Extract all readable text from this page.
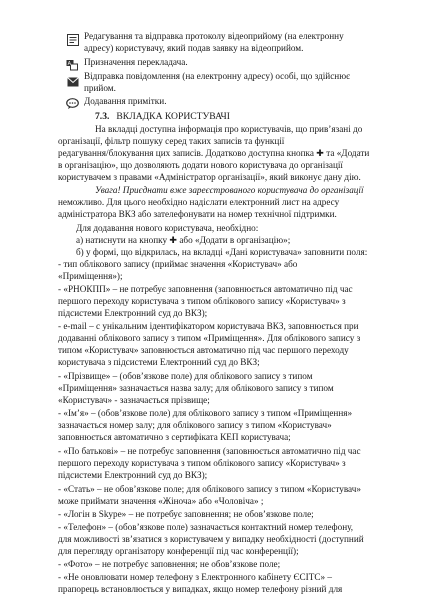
Редагування та відправка протоколу відеоприйому (на електронну
адресу) користувачу, який подав заявку на відеоприйом.
A Призначення перекладача.
Відправка повідомлення (на електронну адресу) особі, що здійснює
прийом.
Додавання примітки.
7.3. ВКЛАДКА КОРИСТУВАЧІ
На вкладці доступна інформація про користувачів, що прив’язані до
організації, фільтр пошуку серед таких записів та функції
редагування/блокування цих записів. Додатково доступна кнопка ✚ та «Додати
в організацію», що дозволяють додати нового користувача до організації
користувачем з правами «Адміністратор організації», який виконує дану дію.
Увага! Приєднати вже зареєстрованого користувача до організації
неможливо. Для цього необхідно надіслати електронний лист на адресу
адміністратора ВКЗ або зателефонувати на номер технічної підтримки.
Для додавання нового користувача, необхідно:
а) натиснути на кнопку ✚ або «Додати в організацію»;
б) у формі, що відкрилась, на вкладці «Дані користувача» заповнити поля:
- тип облікового запису (приймає значення «Користувач» або
«Приміщення»);
- «РНОКПП» – не потребує заповнення (заповнюється автоматично під час
першого переходу користувача з типом облікового запису «Користувач» з
підсистеми Електронний суд до ВКЗ);
- e-mail – с унікальним ідентифікатором користувача ВКЗ, заповнюється при
додаванні облікового запису з типом «Приміщення». Для облікового запису з
типом «Користувач» заповнюється автоматично під час першого переходу
користувача з підсистеми Електронний суд до ВКЗ;
- «Прізвище» – (обов’язкове поле) для облікового запису з типом
«Приміщення» зазначається назва залу; для облікового запису з типом
«Користувач» - зазначається прізвище;
- «Ім’я» – (обов’язкове поле) для облікового запису з типом «Приміщення»
зазначається номер залу; для облікового запису з типом «Користувач»
заповнюється автоматично з сертифіката КЕП користувача;
- «По батькові» – не потребує заповнення (заповнюється автоматично під час
першого переходу користувача з типом облікового запису «Користувач» з
підсистеми Електронний суд до ВКЗ);
- «Стать» – не обов’язкове поле; для облікового запису з типом «Користувач»
може приймати значення «Жіноча» або «Чоловіча» ;
- «Логін в Skype» – не потребує заповнення; не обов’язкове поле;
- «Телефон» – (обов’язкове поле) зазначається контактний номер телефону,
для можливості зв’язатися з користувачем у випадку необхідності (доступний
для перегляду організатору конференції під час конференції);
- «Фото» – не потребує заповнення; не обов’язкове поле;
- «Не оновлювати номер телефону з Електронного кабінету ЄСІТС» –
прапорець встановлюється у випадках, якщо номер телефону різний для
